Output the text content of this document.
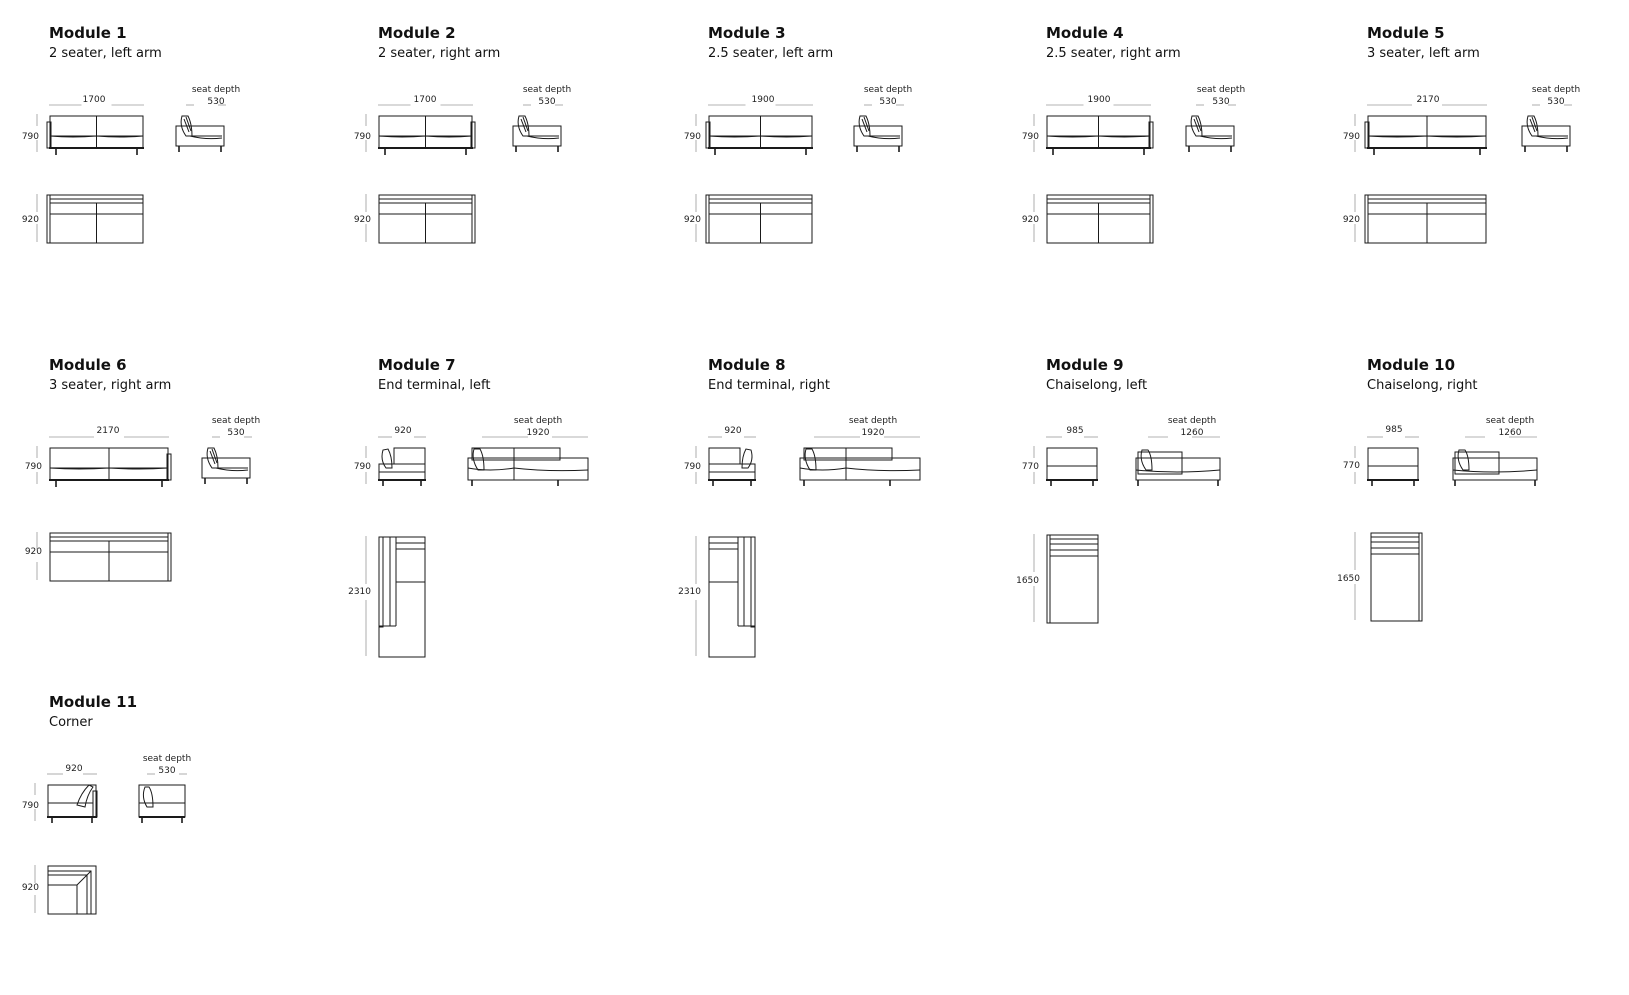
Module 1
2 seater, left arm
1700
790
920
seat depth
530
Module 2
2 seater, right arm
1700
790
920
seat depth
530
Module 3
2.5 seater, left arm
1900
790
920
seat depth
530
Module 4
2.5 seater, right arm
1900
790
920
seat depth
530
Module 5
3 seater, left arm
2170
790
920
seat depth
530
Module 6
3 seater, right arm
2170
790
920
seat depth
530
Module 7
End terminal, left
920
790
2310
seat depth
1920
Module 8
End terminal, right
920
790
2310
seat depth
1920
Module 9
Chaiselong, left
985
770
1650
seat depth
1260
Module 10
Chaiselong, right
985
770
1650
seat depth
1260
Module 11
Corner
920
790
920
seat depth
530
